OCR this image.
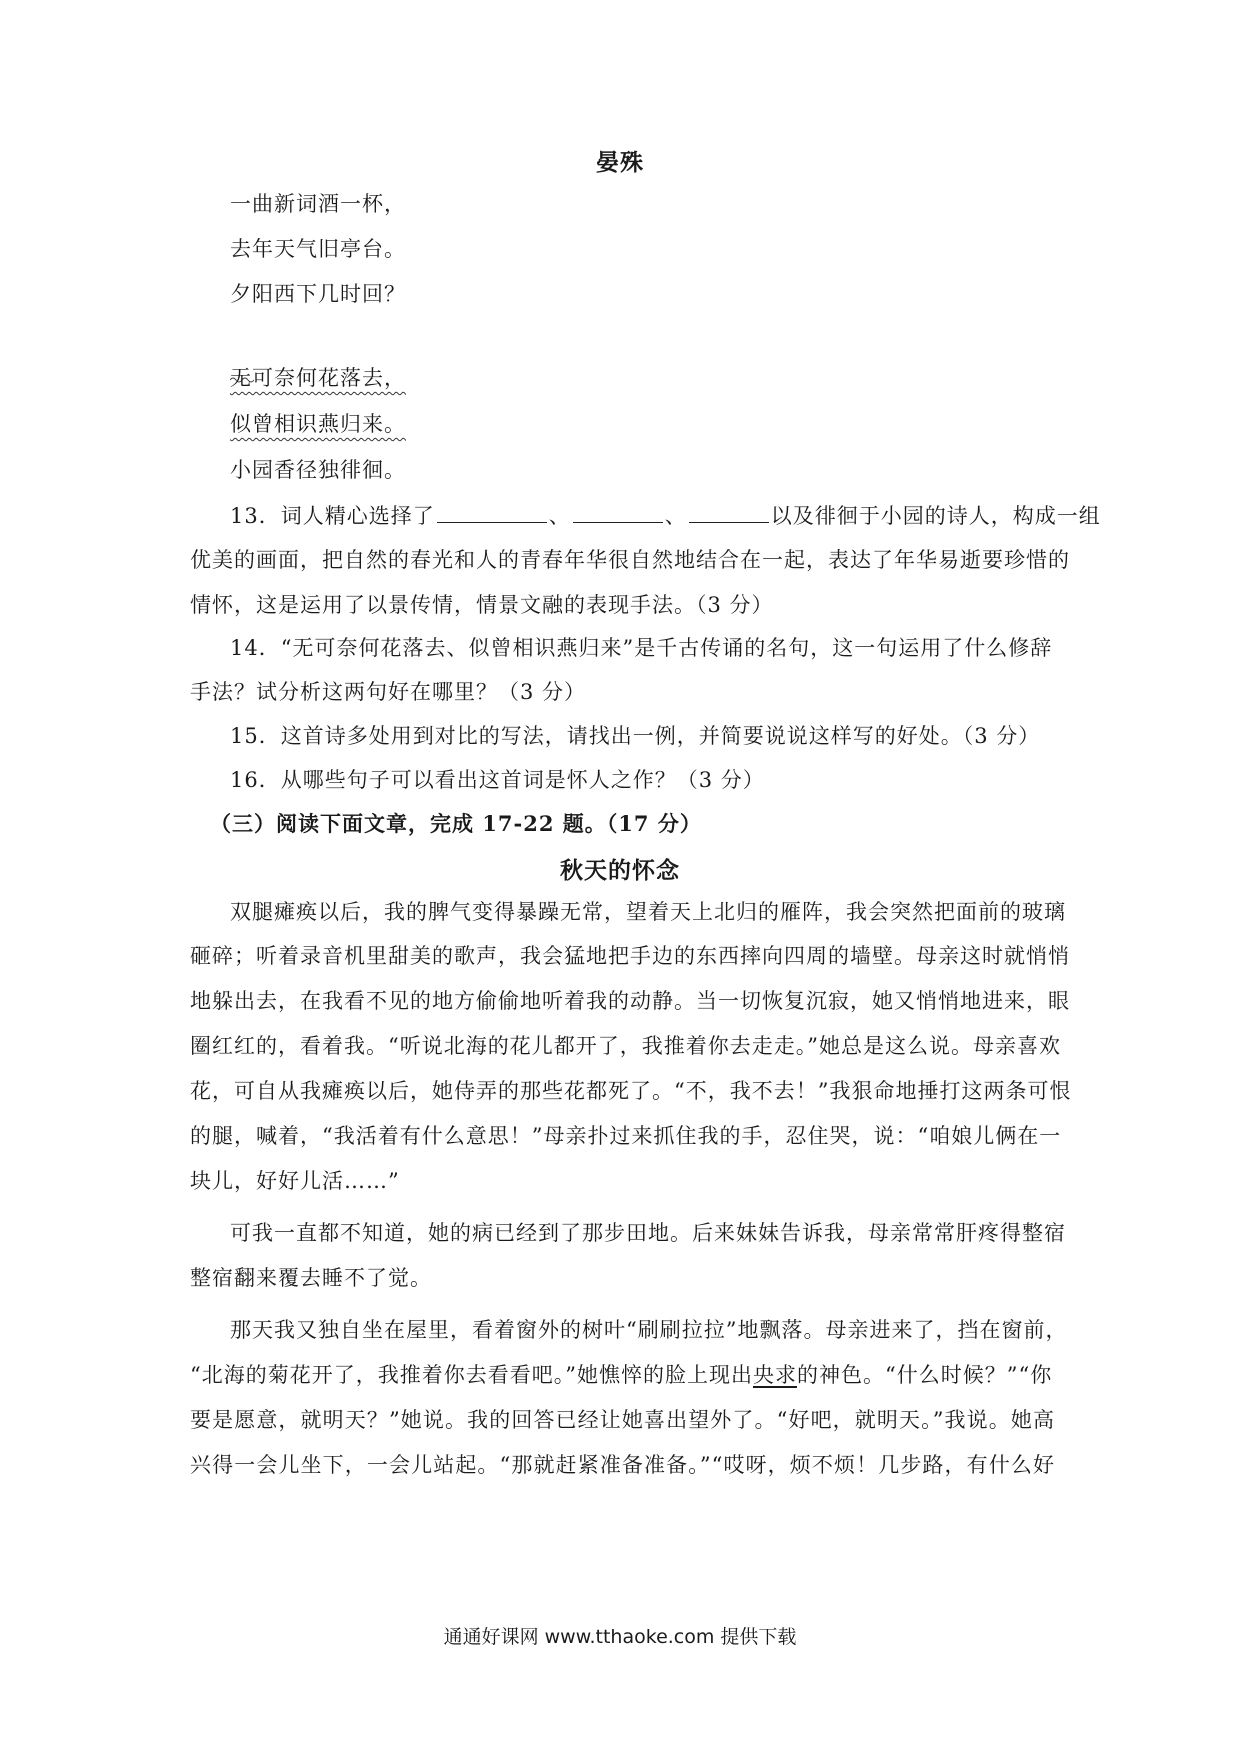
晏殊
一曲新词酒一杯，
去年天气旧亭台。
夕阳西下几时回？
无可奈何花落去，
似曾相识燕归来。
小园香径独徘徊。
13．词人精心选择了	、	、	以及徘徊于小园的诗人，构成一组
优美的画面，把自然的春光和人的青春年华很自然地结合在一起，表达了年华易逝要珍惜的
情怀，这是运用了以景传情，情景文融的表现手法。（3 分）
14．“无可奈何花落去、似曾相识燕归来”是千古传诵的名句，这一句运用了什么修辞
手法？试分析这两句好在哪里？（3 分）
15．这首诗多处用到对比的写法，请找出一例，并简要说说这样写的好处。（3 分）
16．从哪些句子可以看出这首词是怀人之作？（3 分）
（三）阅读下面文章，完成 17-22 题。（17 分）
秋天的怀念
双腿瘫痪以后，我的脾气变得暴躁无常，望着天上北归的雁阵，我会突然把面前的玻璃
砸碎；听着录音机里甜美的歌声，我会猛地把手边的东西摔向四周的墙壁。母亲这时就悄悄
地躲出去，在我看不见的地方偷偷地听着我的动静。当一切恢复沉寂，她又悄悄地进来，眼
圈红红的，看着我。“听说北海的花儿都开了，我推着你去走走。”她总是这么说。母亲喜欢
花，可自从我瘫痪以后，她侍弄的那些花都死了。“不，我不去！”我狠命地捶打这两条可恨
的腿，喊着，“我活着有什么意思！”母亲扑过来抓住我的手，忍住哭，说：“咱娘儿俩在一
块儿，好好儿活……”
可我一直都不知道，她的病已经到了那步田地。后来妹妹告诉我，母亲常常肝疼得整宿
整宿翻来覆去睡不了觉。
那天我又独自坐在屋里，看着窗外的树叶“刷刷拉拉”地飘落。母亲进来了，挡在窗前，
“北海的菊花开了，我推着你去看看吧。”她憔悴的脸上现出央求的神色。“什么时候？”“你
要是愿意，就明天？”她说。我的回答已经让她喜出望外了。“好吧，就明天。”我说。她高
兴得一会儿坐下，一会儿站起。“那就赶紧准备准备。”“哎呀，烦不烦！几步路，有什么好
通通好课网 www.tthaoke.com 提供下载
